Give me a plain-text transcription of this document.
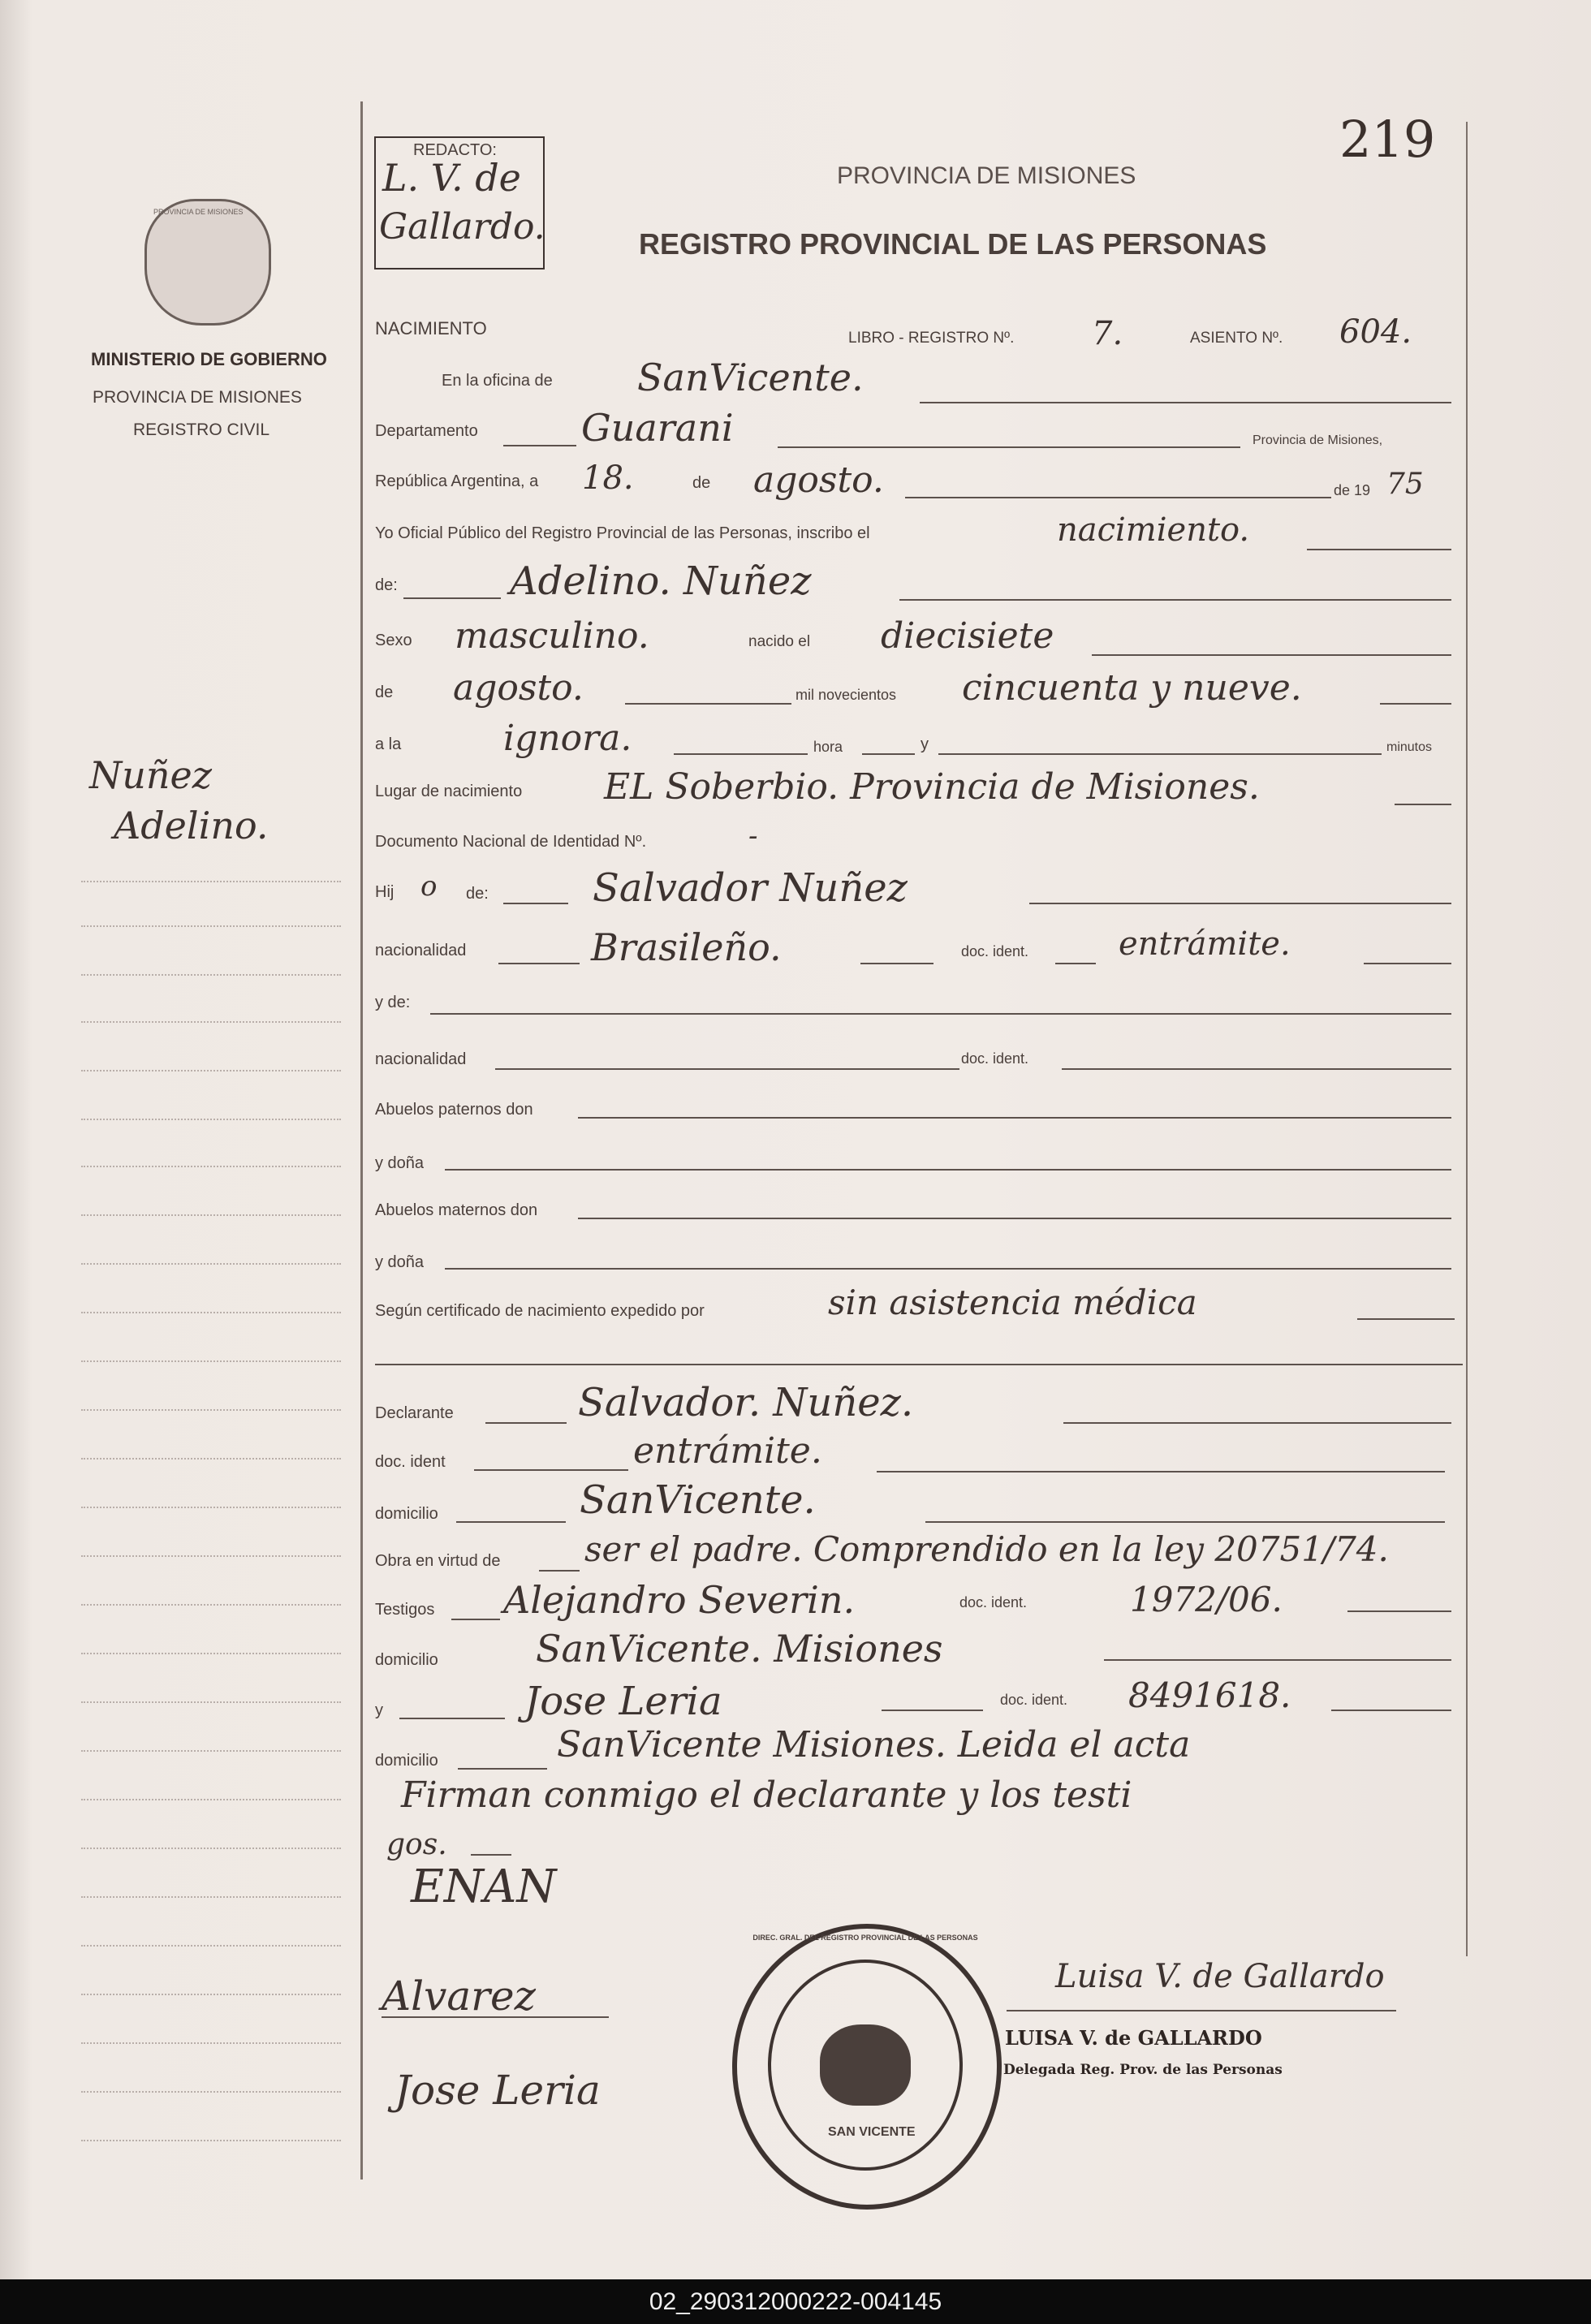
PROVINCIA DE MISIONES
MINISTERIO DE GOBIERNO
PROVINCIA DE MISIONES
REGISTRO CIVIL
Nuñez
Adelino.
REDACTO:
L. V. de
Gallardo.
PROVINCIA DE MISIONES
REGISTRO PROVINCIAL DE LAS PERSONAS
219
NACIMIENTO	LIBRO - REGISTRO Nº. 7.	ASIENTO Nº. 604.
En la oficina de SanVicente.
Departamento	Guarani	Provincia de Misiones,
República Argentina, a 18.	de agosto.	de 19 75
Yo Oficial Público del Registro Provincial de las Personas, inscribo el	nacimiento.
de:	Adelino. Nuñez
Sexo masculino.	nacido el diecisiete
de agosto.	mil novecientos cincuenta y nueve.
a la	ignora.	hora	y	minutos
Lugar de nacimiento EL Soberbio. Provincia de Misiones.
Documento Nacional de Identidad Nº.	-
Hij o de:	Salvador Nuñez
nacionalidad	Brasileño.	doc. ident.	entrámite.
y de:
nacionalidad	doc. ident.
Abuelos paternos don
y doña
Abuelos maternos don
y doña
Según certificado de nacimiento expedido por	sin asistencia médica
Declarante	Salvador. Nuñez.
doc. ident	entrámite.
domicilio	SanVicente.
Obra en virtud de ser el padre. Comprendido en la ley 20751/74.
Testigos Alejandro Severin.	doc. ident.	1972/06.
domicilio	SanVicente. Misiones
y	Jose Leria	doc. ident. 8491618.
domicilio	SanVicente Misiones. Leida el acta
Firman conmigo el declarante y los testi
gos.
ENAN
Alvarez
Jose Leria
SAN VICENTE
DIREC. GRAL. DEL REGISTRO PROVINCIAL DE LAS PERSONAS
Luisa V. de Gallardo
LUISA V. de GALLARDO
Delegada Reg. Prov. de las Personas
02_290312000222-004145
